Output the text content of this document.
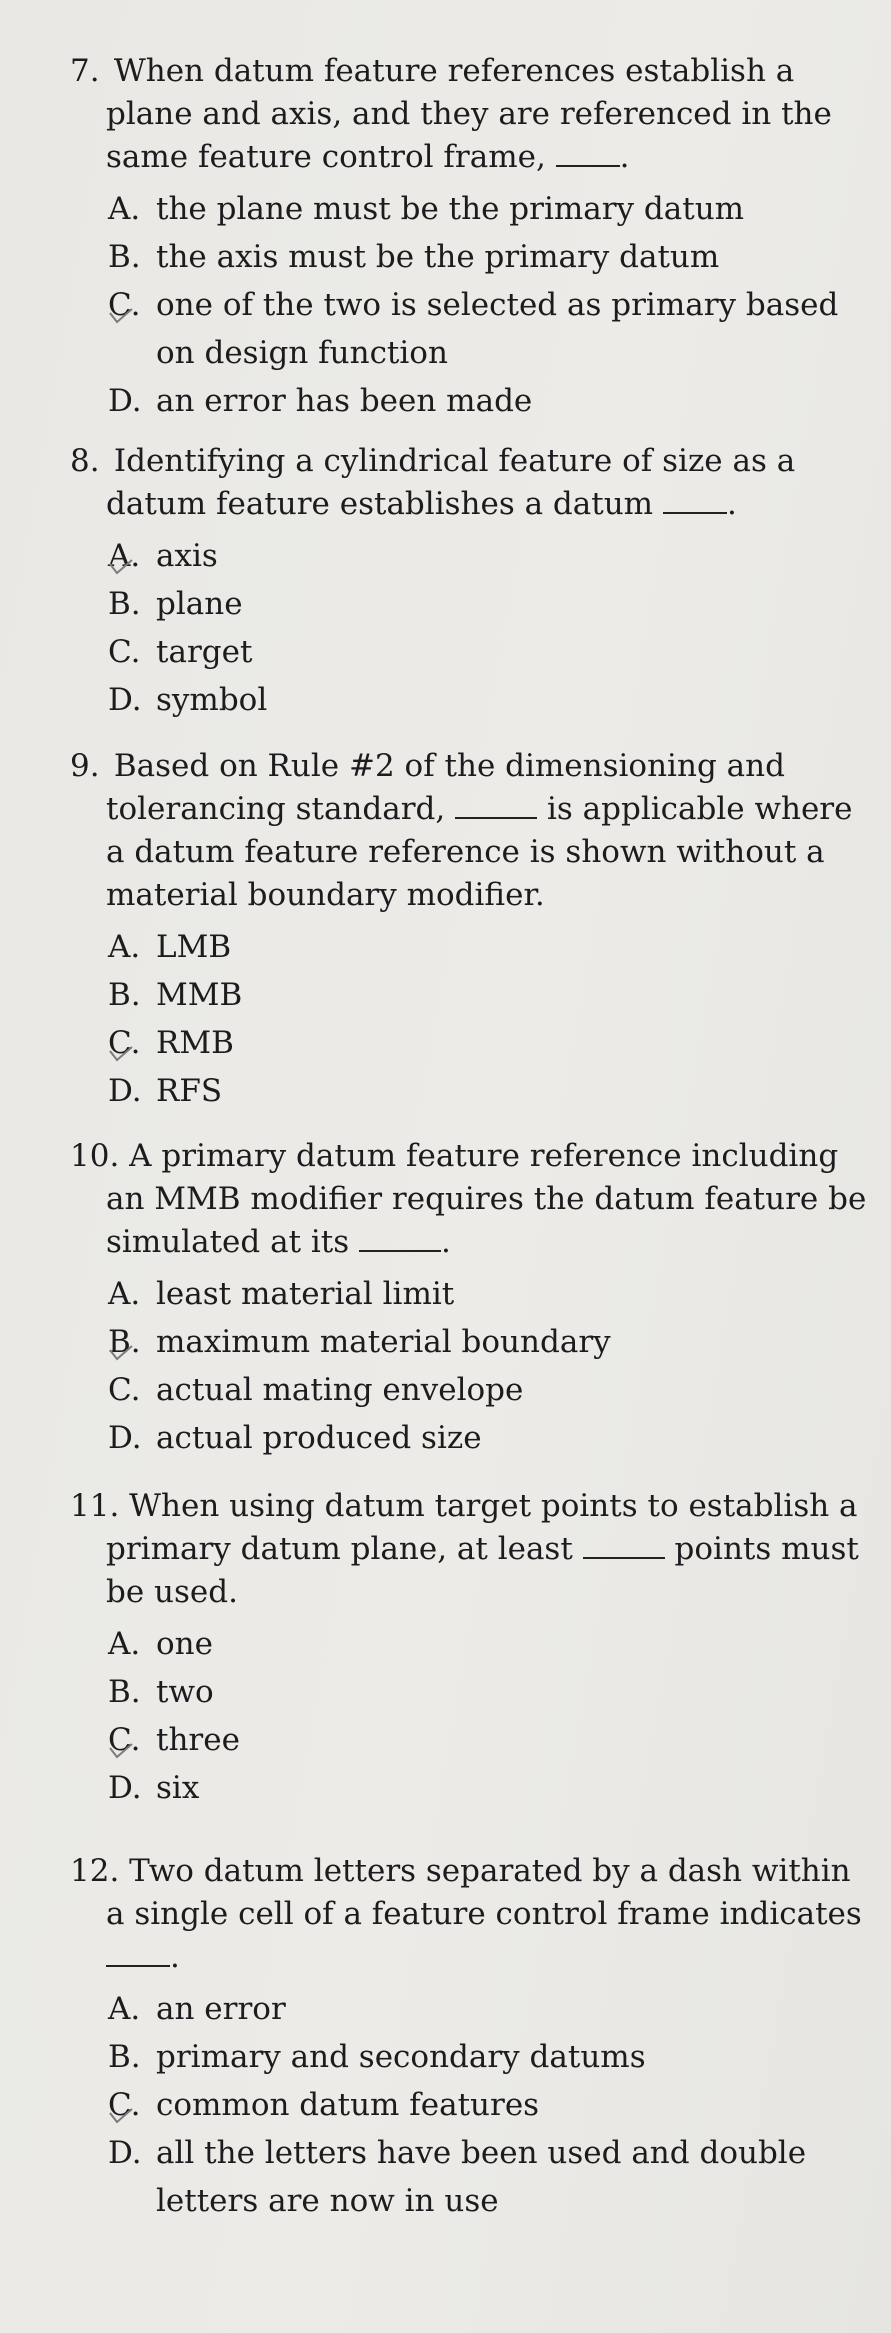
7. When datum feature references establish a
plane and axis, and they are referenced in the
same feature control frame, .

A. the plane must be the primary datum
B. the axis must be the primary datum
C. one of the two is selected as primary based
on design function
D. an error has been made

8. Identifying a cylindrical feature of size as a
datum feature establishes a datum .

A. axis
B. plane
C. target
D. symbol

9. Based on Rule #2 of the dimensioning and
tolerancing standard,	is applicable where
a datum feature reference is shown without a
material boundary modifier.

A. LMB
B. MMB
C. RMB
D. RFS

10. A primary datum feature reference including
an MMB modifier requires the datum feature be
simulated at its	.

A. least material limit
B. maximum material boundary
C. actual mating envelope
D. actual produced size

11. When using datum target points to establish a
primary datum plane, at least	points must
be used.

A. one
B. two
C. three
D. six

12. Two datum letters separated by a dash within
a single cell of a feature control frame indicates
.

A. an error
B. primary and secondary datums
C. common datum features
D. all the letters have been used and double
letters are now in use
